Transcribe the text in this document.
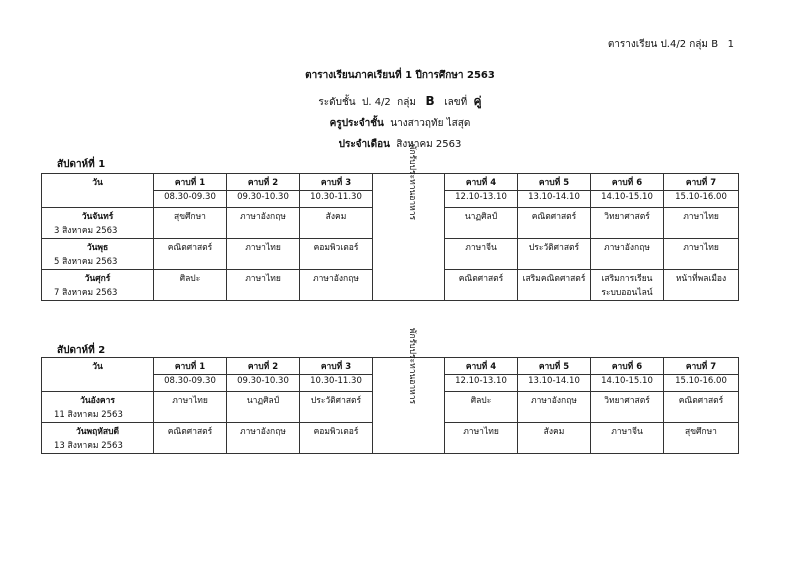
ตารางเรียน ป.4/2 กลุ่ม B 1
ตารางเรียนภาคเรียนที่ 1 ปีการศึกษา 2563
ระดับชั้น ป. 4/2 กลุ่ม B เลขที่ คู่
ครูประจำชั้น นางสาวฤทัย ไสสุด
ประจำเดือน สิงหาคม 2563
สัปดาห์ที่ 1
วัน	คาบที่ 1	คาบที่ 2	คาบที่ 3	พักรับประทานอาหาร	คาบที่ 4	คาบที่ 5	คาบที่ 6	คาบที่ 7
	08.30-09.30	09.30-10.30	10.30-11.30		12.10-13.10	13.10-14.10	14.10-15.10	15.10-16.00

วันจันทร์
3 สิงหาคม 2563	สุขศึกษา	ภาษาอังกฤษ	สังคม		นาฏศิลป์	คณิตศาสตร์	วิทยาศาสตร์	ภาษาไทย

วันพุธ
5 สิงหาคม 2563	คณิตศาสตร์	ภาษาไทย	คอมพิวเตอร์		ภาษาจีน	ประวัติศาสตร์	ภาษาอังกฤษ	ภาษาไทย

วันศุกร์
7 สิงหาคม 2563	ศิลปะ	ภาษาไทย	ภาษาอังกฤษ		คณิตศาสตร์	เสริมคณิตศาสตร์	เสริมการเรียน
ระบบออนไลน์	หน้าที่พลเมือง

สัปดาห์ที่ 2
วัน	คาบที่ 1	คาบที่ 2	คาบที่ 3	พักรับประทานอาหาร	คาบที่ 4	คาบที่ 5	คาบที่ 6	คาบที่ 7
	08.30-09.30	09.30-10.30	10.30-11.30		12.10-13.10	13.10-14.10	14.10-15.10	15.10-16.00

วันอังคาร
11 สิงหาคม 2563	ภาษาไทย	นาฏศิลป์	ประวัติศาสตร์		ศิลปะ	ภาษาอังกฤษ	วิทยาศาสตร์	คณิตศาสตร์

วันพฤหัสบดี
13 สิงหาคม 2563	คณิตศาสตร์	ภาษาอังกฤษ	คอมพิวเตอร์		ภาษาไทย	สังคม	ภาษาจีน	สุขศึกษา
